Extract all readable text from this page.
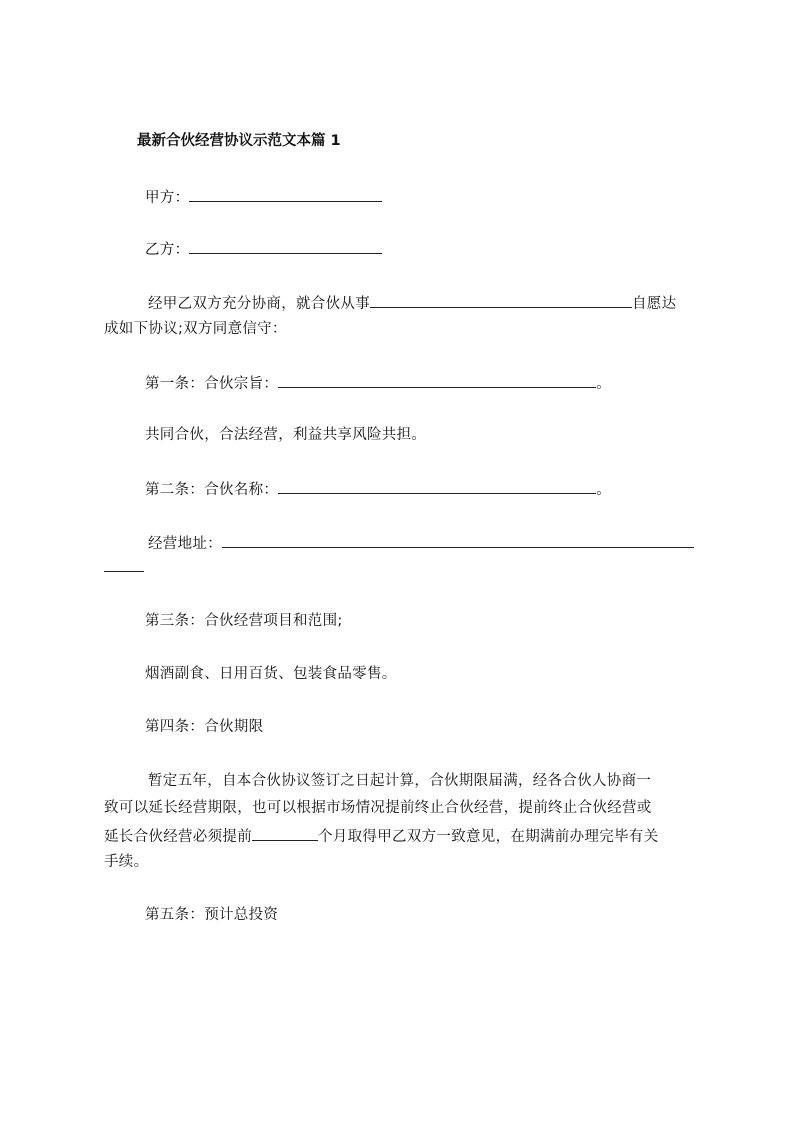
最新合伙经营协议示范文本篇 1
甲方：
乙方：
经甲乙双方充分协商，就合伙从事	自愿达
成如下协议;双方同意信守：
第一条：合伙宗旨：	。
共同合伙，合法经营，利益共享风险共担。
第二条：合伙名称：	。
经营地址：
第三条：合伙经营项目和范围;
烟酒副食、日用百货、包装食品零售。
第四条：合伙期限
暂定五年，自本合伙协议签订之日起计算，合伙期限届满，经各合伙人协商一
致可以延长经营期限，也可以根据市场情况提前终止合伙经营，提前终止合伙经营或
延长合伙经营必须提前	个月取得甲乙双方一致意见，在期满前办理完毕有关
手续。
第五条：预计总投资
